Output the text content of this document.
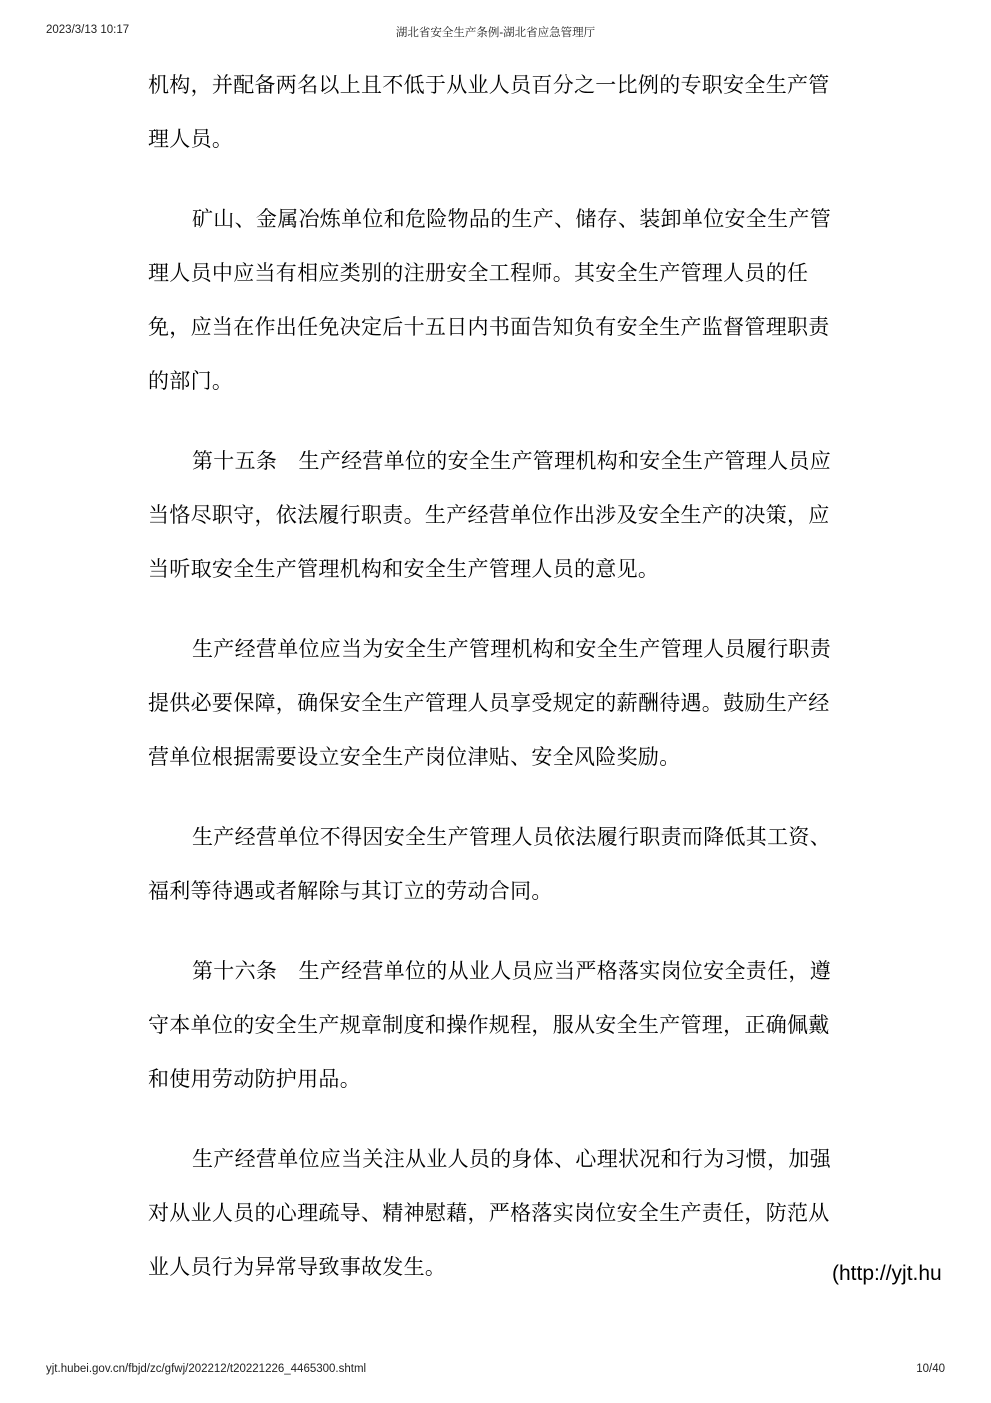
2023/3/13 10:17	湖北省安全生产条例-湖北省应急管理厅

机构，并配备两名以上且不低于从业人员百分之一比例的专职安全生产管理人员。

矿山、金属冶炼单位和危险物品的生产、储存、装卸单位安全生产管理人员中应当有相应类别的注册安全工程师。其安全生产管理人员的任免，应当在作出任免决定后十五日内书面告知负有安全生产监督管理职责的部门。

第十五条　生产经营单位的安全生产管理机构和安全生产管理人员应当恪尽职守，依法履行职责。生产经营单位作出涉及安全生产的决策，应当听取安全生产管理机构和安全生产管理人员的意见。

生产经营单位应当为安全生产管理机构和安全生产管理人员履行职责提供必要保障，确保安全生产管理人员享受规定的薪酬待遇。鼓励生产经营单位根据需要设立安全生产岗位津贴、安全风险奖励。

生产经营单位不得因安全生产管理人员依法履行职责而降低其工资、福利等待遇或者解除与其订立的劳动合同。

第十六条　生产经营单位的从业人员应当严格落实岗位安全责任，遵守本单位的安全生产规章制度和操作规程，服从安全生产管理，正确佩戴和使用劳动防护用品。

生产经营单位应当关注从业人员的身体、心理状况和行为习惯，加强对从业人员的心理疏导、精神慰藉，严格落实岗位安全生产责任，防范从业人员行为异常导致事故发生。	(http://yjt.hu
yjt.hubei.gov.cn/fbjd/zc/gfwj/202212/t20221226_4465300.shtml	10/40
